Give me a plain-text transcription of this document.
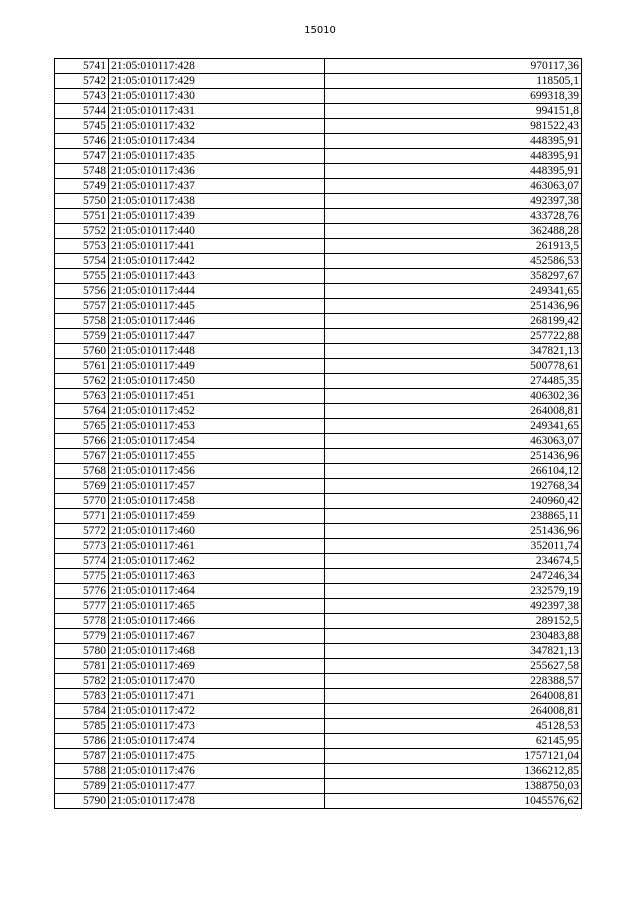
15010
5741	21:05:010117:428	970117,36
5742	21:05:010117:429	118505,1
5743	21:05:010117:430	699318,39
5744	21:05:010117:431	994151,8
5745	21:05:010117:432	981522,43
5746	21:05:010117:434	448395,91
5747	21:05:010117:435	448395,91
5748	21:05:010117:436	448395,91
5749	21:05:010117:437	463063,07
5750	21:05:010117:438	492397,38
5751	21:05:010117:439	433728,76
5752	21:05:010117:440	362488,28
5753	21:05:010117:441	261913,5
5754	21:05:010117:442	452586,53
5755	21:05:010117:443	358297,67
5756	21:05:010117:444	249341,65
5757	21:05:010117:445	251436,96
5758	21:05:010117:446	268199,42
5759	21:05:010117:447	257722,88
5760	21:05:010117:448	347821,13
5761	21:05:010117:449	500778,61
5762	21:05:010117:450	274485,35
5763	21:05:010117:451	406302,36
5764	21:05:010117:452	264008,81
5765	21:05:010117:453	249341,65
5766	21:05:010117:454	463063,07
5767	21:05:010117:455	251436,96
5768	21:05:010117:456	266104,12
5769	21:05:010117:457	192768,34
5770	21:05:010117:458	240960,42
5771	21:05:010117:459	238865,11
5772	21:05:010117:460	251436,96
5773	21:05:010117:461	352011,74
5774	21:05:010117:462	234674,5
5775	21:05:010117:463	247246,34
5776	21:05:010117:464	232579,19
5777	21:05:010117:465	492397,38
5778	21:05:010117:466	289152,5
5779	21:05:010117:467	230483,88
5780	21:05:010117:468	347821,13
5781	21:05:010117:469	255627,58
5782	21:05:010117:470	228388,57
5783	21:05:010117:471	264008,81
5784	21:05:010117:472	264008,81
5785	21:05:010117:473	45128,53
5786	21:05:010117:474	62145,95
5787	21:05:010117:475	1757121,04
5788	21:05:010117:476	1366212,85
5789	21:05:010117:477	1388750,03
5790	21:05:010117:478	1045576,62
